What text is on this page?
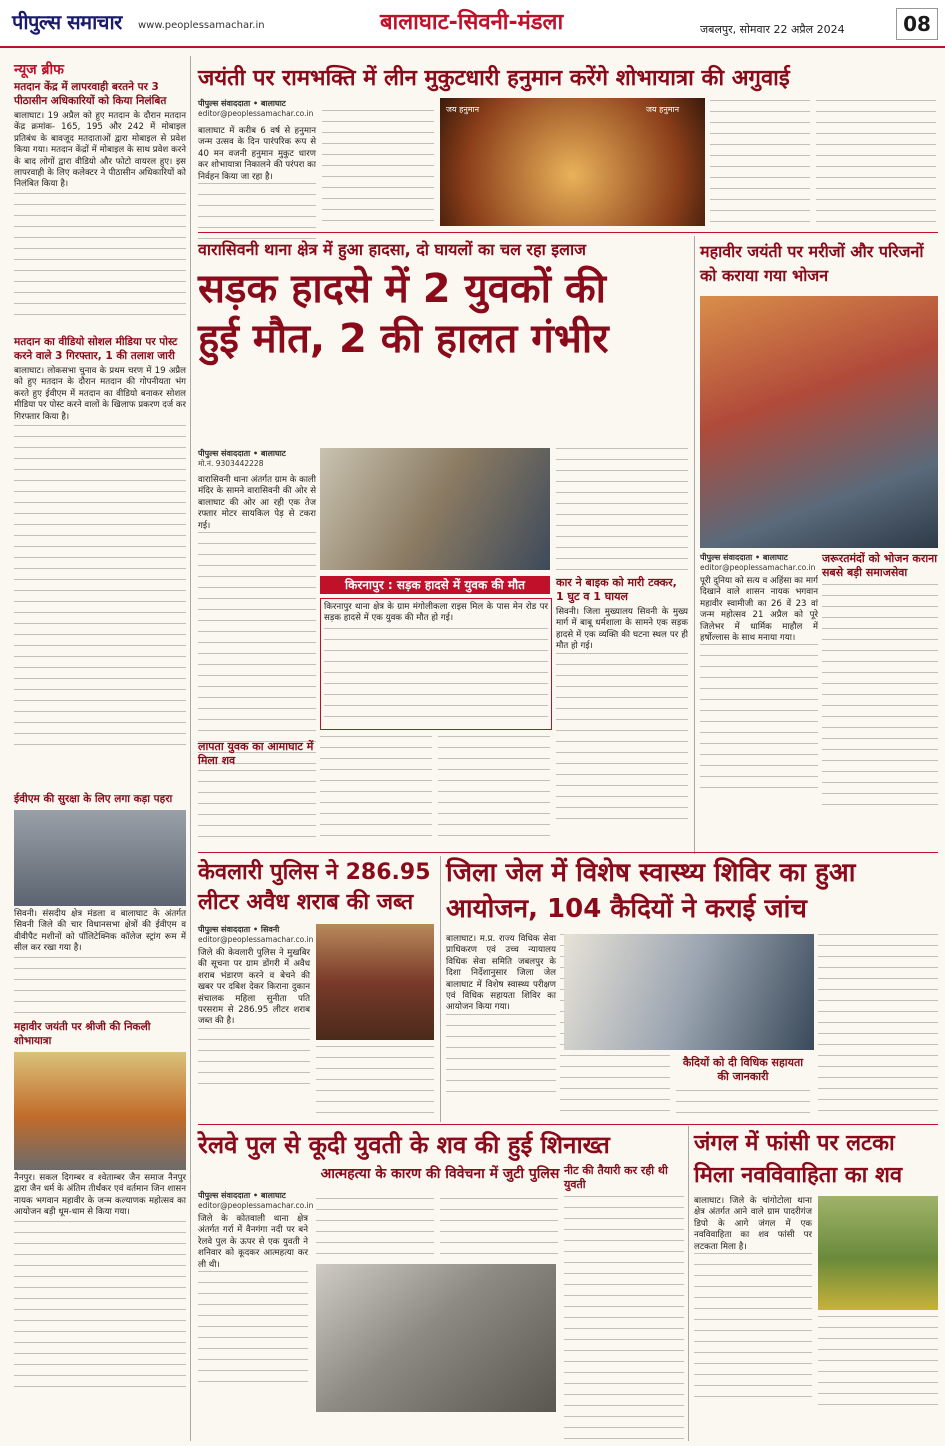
पीपुल्स समाचार www.peoplessamachar.in	बालाघाट-सिवनी-मंडला	जबलपुर, सोमवार 22 अप्रैल 2024	08
न्यूज ब्रीफ
मतदान केंद्र में लापरवाही बरतने पर 3 पीठासीन अधिकारियों को किया निलंबित
बालाघाट। 19 अप्रैल को हुए मतदान के दौरान मतदान केंद्र क्रमांक- 165, 195 और 242 में मोबाइल प्रतिबंध के बावजूद मतदाताओं द्वारा मोबाइल से प्रवेश किया गया। मतदान केंद्रों में मोबाइल के साथ प्रवेश करने के बाद लोगों द्वारा वीडियो और फोटो वायरल हुए। इस लापरवाही के लिए कलेक्टर ने पीठासीन अधिकारियों को निलंबित किया है।
मतदान का वीडियो सोशल मीडिया पर पोस्ट करने वाले 3 गिरफ्तार, 1 की तलाश जारी
बालाघाट। लोकसभा चुनाव के प्रथम चरण में 19 अप्रैल को हुए मतदान के दौरान मतदान की गोपनीयता भंग करते हुए ईवीएम में मतदान का वीडियो बनाकर सोशल मीडिया पर पोस्ट करने वालों के खिलाफ प्रकरण दर्ज कर गिरफ्तार किया है।
ईवीएम की सुरक्षा के लिए लगा कड़ा पहरा
सिवनी। संसदीय क्षेत्र मंडला व बालाघाट के अंतर्गत सिवनी जिले की चार विधानसभा क्षेत्रों की ईवीएम व वीवीपैट मशीनों को पॉलिटेक्निक कॉलेज स्ट्रांग रूम में सील कर रखा गया है।
महावीर जयंती पर श्रीजी की निकली शोभायात्रा
नैनपुर। सकल दिगम्बर व श्वेताम्बर जैन समाज नैनपुर द्वारा जैन धर्म के अंतिम तीर्थंकर एवं वर्तमान जिन शासन नायक भगवान महावीर के जन्म कल्याणक महोत्सव का आयोजन बड़ी धूम-धाम से किया गया।
जयंती पर रामभक्ति में लीन मुकुटधारी हनुमान करेंगे शोभायात्रा की अगुवाई
पीपुल्स संवाददाता • बालाघाट
editor@peoplessamachar.co.in
बालाघाट में करीब 6 वर्ष से हनुमान जन्म उत्सव के दिन पारंपरिक रूप से 40 मन वजनी हनुमान मुकुट धारण कर शोभायात्रा निकालने की परंपरा का निर्वहन किया जा रहा है।
जय हनुमान	जय हनुमान
वारासिवनी थाना क्षेत्र में हुआ हादसा, दो घायलों का चल रहा इलाज
सड़क हादसे में 2 युवकों की
हुई मौत, 2 की हालत गंभीर
पीपुल्स संवाददाता • बालाघाट
मो.नं. 9303442228
वारासिवनी थाना अंतर्गत ग्राम के काली मंदिर के सामने वारासिवनी की ओर से बालाघाट की ओर आ रही एक तेज रफ्तार मोटर सायकिल पेड़ से टकरा गई।
किरनापुर : सड़क हादसे में युवक की मौत
किरनापुर थाना क्षेत्र के ग्राम मंगोलीकला राइस मिल के पास मेन रोड पर सड़क हादसे में एक युवक की मौत हो गई।
लापता युवक का आमाघाट में मिला शव
कार ने बाइक को मारी टक्कर, 1 घुट व 1 घायल
सिवनी। जिला मुख्यालय सिवनी के मुख्य मार्ग में बाबू धर्मशाला के सामने एक सड़क हादसे में एक व्यक्ति की घटना स्थल पर ही मौत हो गई।
महावीर जयंती पर मरीजों और परिजनों को कराया गया भोजन
पीपुल्स संवाददाता • बालाघाट
editor@peoplessamachar.co.in
पूरी दुनिया को सत्य व अहिंसा का मार्ग दिखाने वाले शासन नायक भगवान महावीर स्वामीजी का 26 वें 23 वां जन्म महोत्सव 21 अप्रैल को पूरे जिलेभर में धार्मिक माहौल में हर्षोल्लास के साथ मनाया गया।
जरूरतमंदों को भोजन कराना सबसे बड़ी समाजसेवा
केवलारी पुलिस ने 286.95 लीटर अवैध शराब की जब्त
पीपुल्स संवाददाता • सिवनी
editor@peoplessamachar.co.in
जिले की केवलारी पुलिस ने मुखबिर की सूचना पर ग्राम डोंगरी में अवैध शराब भंडारण करने व बेचने की खबर पर दबिश देकर किराना दुकान संचालक महिला सुनीता पति परसराम से 286.95 लीटर शराब जब्त की है।
जिला जेल में विशेष स्वास्थ्य शिविर का हुआ
आयोजन, 104 कैदियों ने कराई जांच
बालाघाट। म.प्र. राज्य विधिक सेवा प्राधिकरण एवं उच्च न्यायालय विधिक सेवा समिति जबलपुर के दिशा निर्देशानुसार जिला जेल बालाघाट में विशेष स्वास्थ्य परीक्षण एवं विधिक सहायता शिविर का आयोजन किया गया।
कैदियों को दी विधिक सहायता की जानकारी
रेलवे पुल से कूदी युवती के शव की हुई शिनाख्त
आत्महत्या के कारण की विवेचना में जुटी पुलिस
पीपुल्स संवाददाता • बालाघाट
editor@peoplessamachar.co.in
जिले के कोतवाली थाना क्षेत्र अंतर्गत गर्रा में वैनगंगा नदी पर बने रेलवे पुल के ऊपर से एक युवती ने शनिवार को कूदकर आत्महत्या कर ली थी।
नीट की तैयारी कर रही थी युवती
जंगल में फांसी पर लटका मिला नवविवाहिता का शव
बालाघाट। जिले के चांगोटोला थाना क्षेत्र अंतर्गत आने वाले ग्राम पादरीगंज डिपो के आगे जंगल में एक नवविवाहिता का शव फांसी पर लटकता मिला है।
